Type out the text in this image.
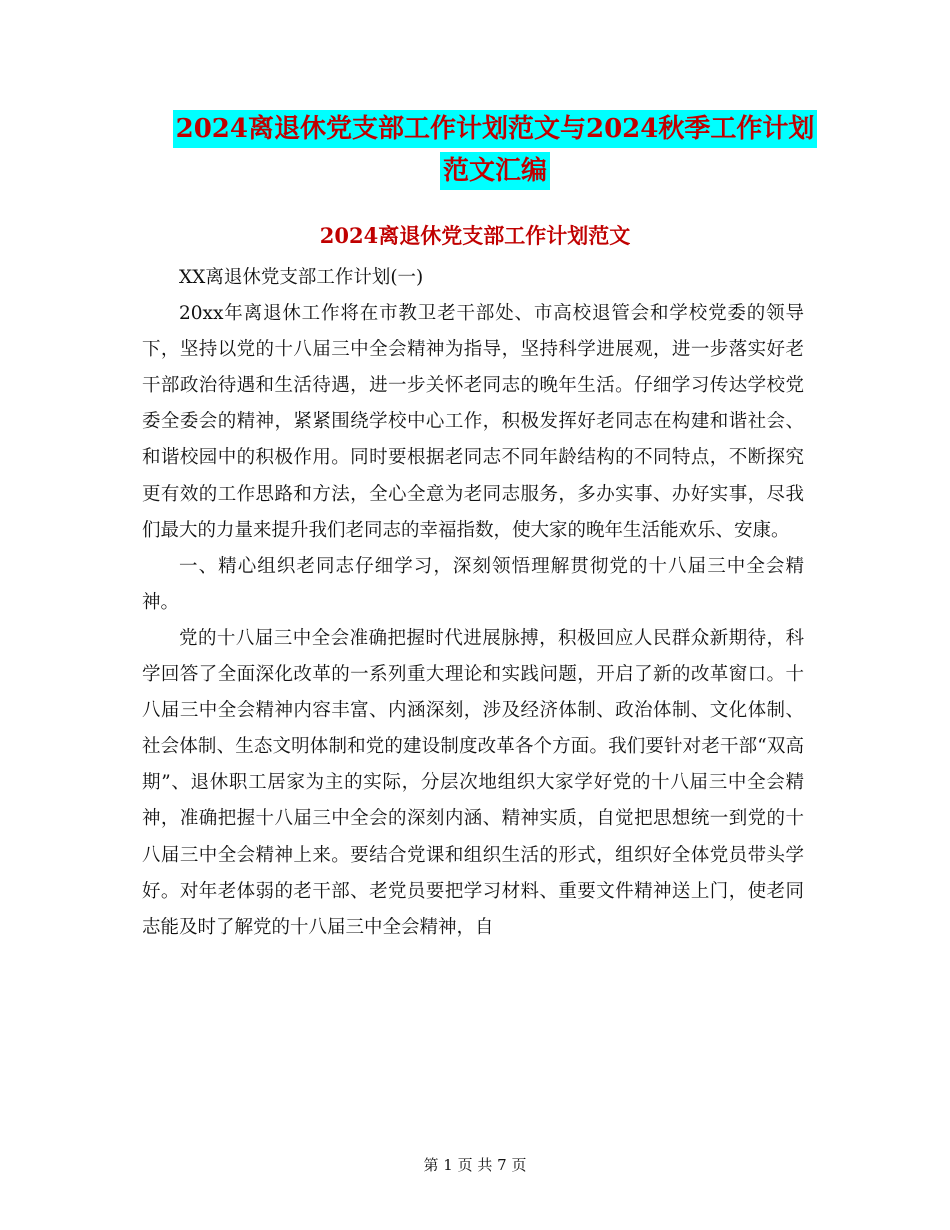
2024离退休党支部工作计划范文与2024秋季工作计划
范文汇编
2024离退休党支部工作计划范文

XX离退休党支部工作计划(一)

20xx年离退休工作将在市教卫老干部处、市高校退管会和学校党委的领导下，坚持以党的十八届三中全会精神为指导，坚持科学进展观，进一步落实好老干部政治待遇和生活待遇，进一步关怀老同志的晚年生活。仔细学习传达学校党委全委会的精神，紧紧围绕学校中心工作，积极发挥好老同志在构建和谐社会、和谐校园中的积极作用。同时要根据老同志不同年龄结构的不同特点，不断探究更有效的工作思路和方法，全心全意为老同志服务，多办实事、办好实事，尽我们最大的力量来提升我们老同志的幸福指数，使大家的晚年生活能欢乐、安康。

一、精心组织老同志仔细学习，深刻领悟理解贯彻党的十八届三中全会精神。

党的十八届三中全会准确把握时代进展脉搏，积极回应人民群众新期待，科学回答了全面深化改革的一系列重大理论和实践问题，开启了新的改革窗口。十八届三中全会精神内容丰富、内涵深刻，涉及经济体制、政治体制、文化体制、社会体制、生态文明体制和党的建设制度改革各个方面。我们要针对老干部“双高期”、退休职工居家为主的实际，分层次地组织大家学好党的十八届三中全会精神，准确把握十八届三中全会的深刻内涵、精神实质，自觉把思想统一到党的十八届三中全会精神上来。要结合党课和组织生活的形式，组织好全体党员带头学好。对年老体弱的老干部、老党员要把学习材料、重要文件精神送上门，使老同志能及时了解党的十八届三中全会精神，自

第 1 页 共 7 页
